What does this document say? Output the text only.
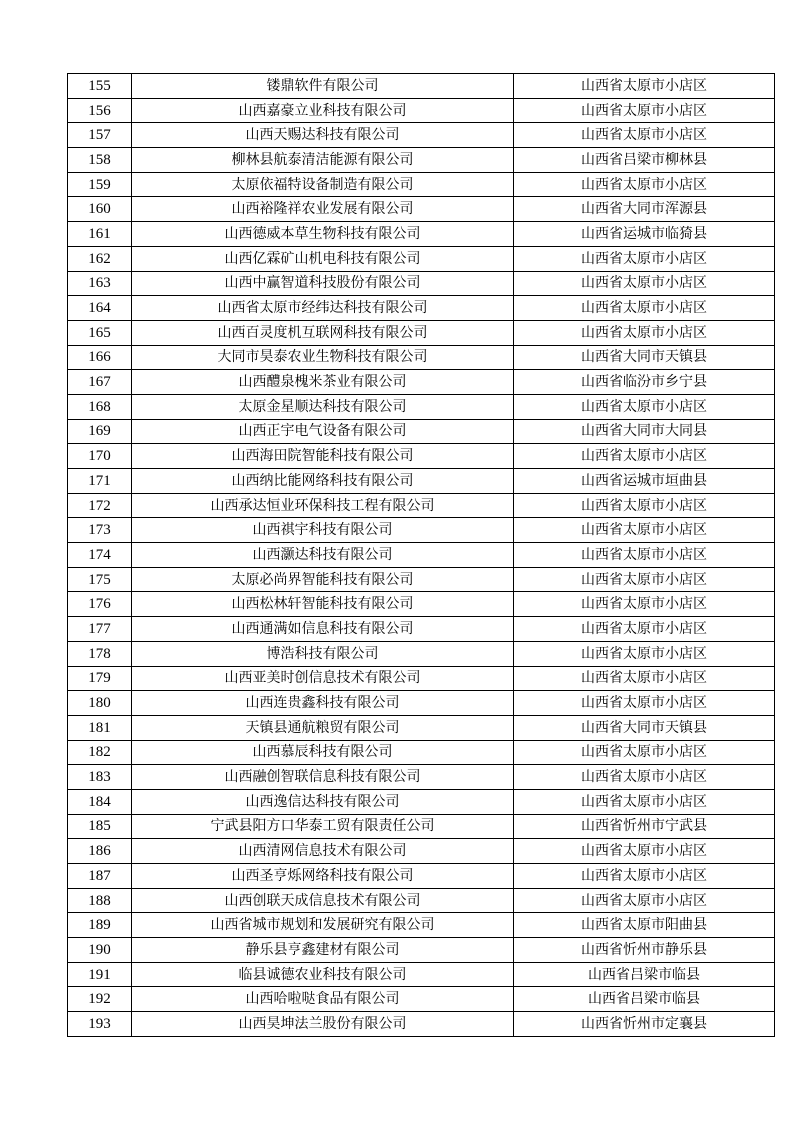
155	镂鼎软件有限公司	山西省太原市小店区
156	山西嘉豪立业科技有限公司	山西省太原市小店区
157	山西天赐达科技有限公司	山西省太原市小店区
158	柳林县航泰清洁能源有限公司	山西省吕梁市柳林县
159	太原依福特设备制造有限公司	山西省太原市小店区
160	山西裕隆祥农业发展有限公司	山西省大同市浑源县
161	山西德威本草生物科技有限公司	山西省运城市临猗县
162	山西亿霖矿山机电科技有限公司	山西省太原市小店区
163	山西中赢智道科技股份有限公司	山西省太原市小店区
164	山西省太原市经纬达科技有限公司	山西省太原市小店区
165	山西百灵度机互联网科技有限公司	山西省太原市小店区
166	大同市昊泰农业生物科技有限公司	山西省大同市天镇县
167	山西醴泉槐米茶业有限公司	山西省临汾市乡宁县
168	太原金星顺达科技有限公司	山西省太原市小店区
169	山西正宇电气设备有限公司	山西省大同市大同县
170	山西海田院智能科技有限公司	山西省太原市小店区
171	山西纳比能网络科技有限公司	山西省运城市垣曲县
172	山西承达恒业环保科技工程有限公司	山西省太原市小店区
173	山西祺宇科技有限公司	山西省太原市小店区
174	山西灏达科技有限公司	山西省太原市小店区
175	太原必尚界智能科技有限公司	山西省太原市小店区
176	山西松林轩智能科技有限公司	山西省太原市小店区
177	山西通满如信息科技有限公司	山西省太原市小店区
178	博浩科技有限公司	山西省太原市小店区
179	山西亚美时创信息技术有限公司	山西省太原市小店区
180	山西连贵鑫科技有限公司	山西省太原市小店区
181	天镇县通航粮贸有限公司	山西省大同市天镇县
182	山西慕辰科技有限公司	山西省太原市小店区
183	山西融创智联信息科技有限公司	山西省太原市小店区
184	山西逸信达科技有限公司	山西省太原市小店区
185	宁武县阳方口华泰工贸有限责任公司	山西省忻州市宁武县
186	山西清网信息技术有限公司	山西省太原市小店区
187	山西圣亨烁网络科技有限公司	山西省太原市小店区
188	山西创联天成信息技术有限公司	山西省太原市小店区
189	山西省城市规划和发展研究有限公司	山西省太原市阳曲县
190	静乐县亨鑫建材有限公司	山西省忻州市静乐县
191	临县诚德农业科技有限公司	山西省吕梁市临县
192	山西哈啦哒食品有限公司	山西省吕梁市临县
193	山西昊坤法兰股份有限公司	山西省忻州市定襄县
